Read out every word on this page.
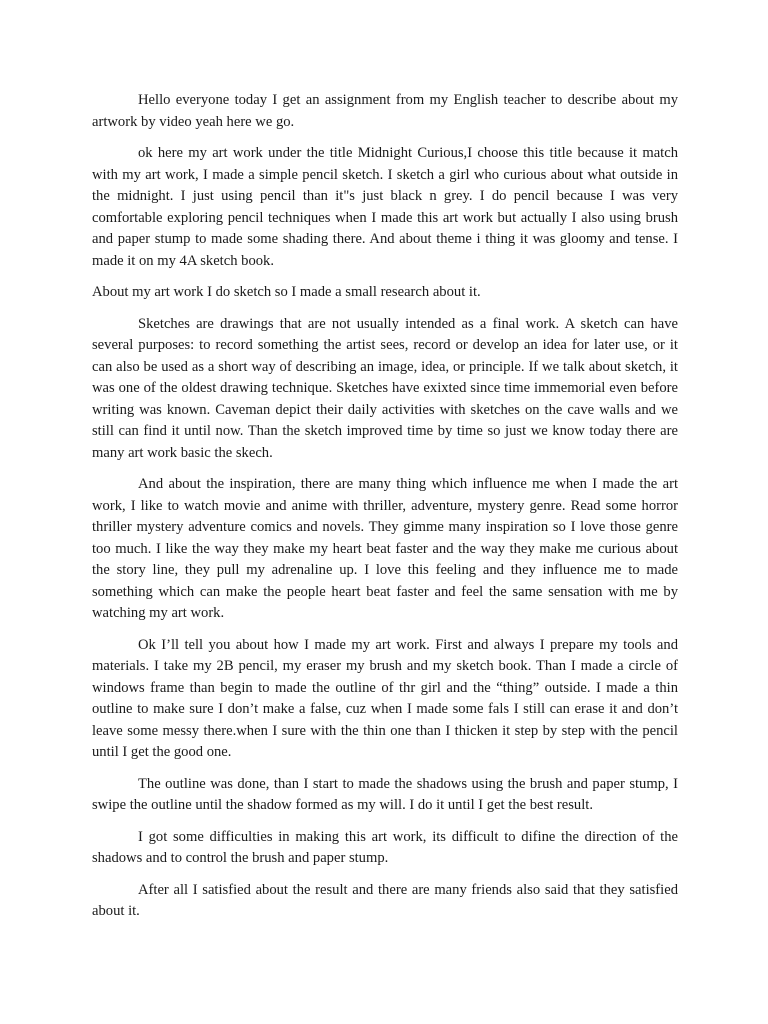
Hello everyone today I get an assignment from my English teacher to describe about my artwork by video yeah here we go.

ok here my art work under the title Midnight Curious,I choose this title because it match with my art work, I made a simple pencil sketch. I sketch a girl who curious about what outside in the midnight. I just using pencil than it"s just black n grey. I do pencil because I was very comfortable exploring pencil techniques when I made this art work but actually I also using brush and paper stump to made some shading there. And about theme i thing it was gloomy and tense. I made it on my 4A sketch book.

About my art work I do sketch so I made a small research about it.

Sketches are drawings that are not usually intended as a final work. A sketch can have several purposes: to record something the artist sees, record or develop an idea for later use, or it can also be used as a short way of describing an image, idea, or principle. If we talk about sketch, it was one of the oldest drawing technique. Sketches have exixted since time immemorial even before writing was known. Caveman depict their daily activities with sketches on the cave walls and we still can find it until now. Than the sketch improved time by time so just we know today there are many art work basic the skech.

And about the inspiration, there are many thing which influence me when I made the art work, I like to watch movie and anime with thriller, adventure, mystery genre. Read some horror thriller mystery adventure comics and novels. They gimme many inspiration so I love those genre too much. I like the way they make my heart beat faster and the way they make me curious about the story line, they pull my adrenaline up. I love this feeling and they influence me to made something which can make the people heart beat faster and feel the same sensation with me by watching my art work.

Ok I’ll tell you about how I made my art work. First and always I prepare my tools and materials. I take my 2B pencil, my eraser my brush and my sketch book. Than I made a circle of windows frame than begin to made the outline of thr girl and the “thing” outside. I made a thin outline to make sure I don’t make a false, cuz when I made some fals I still can erase it and don’t leave some messy there.when I sure with the thin one than I thicken it step by step with the pencil until I get the good one.

The outline was done, than I start to made the shadows using the brush and paper stump, I swipe the outline until the shadow formed as my will. I do it until I get the best result.

I got some difficulties in making this art work, its difficult to difine the direction of the shadows and to control the brush and paper stump.

After all I satisfied about the result and there are many friends also said that they satisfied about it.
